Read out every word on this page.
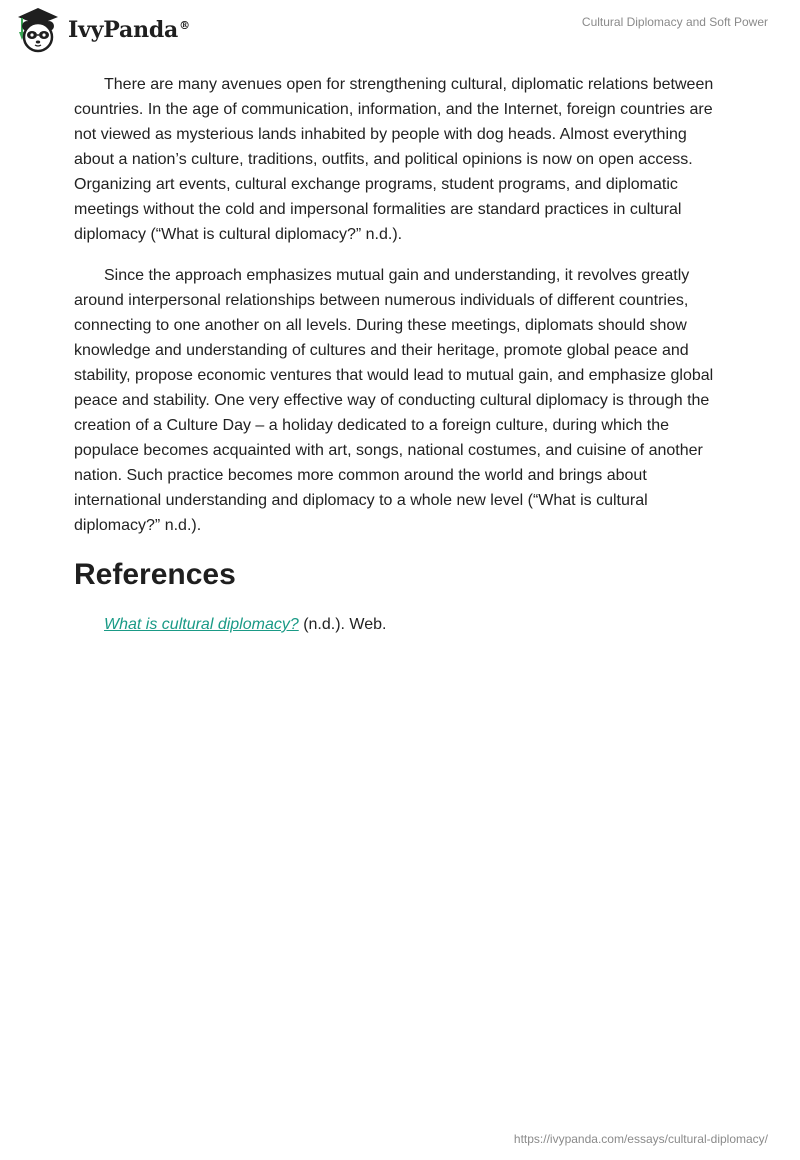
IvyPanda®	Cultural Diplomacy and Soft Power

There are many avenues open for strengthening cultural, diplomatic relations between countries. In the age of communication, information, and the Internet, foreign countries are not viewed as mysterious lands inhabited by people with dog heads. Almost everything about a nation’s culture, traditions, outfits, and political opinions is now on open access. Organizing art events, cultural exchange programs, student programs, and diplomatic meetings without the cold and impersonal formalities are standard practices in cultural diplomacy (“What is cultural diplomacy?” n.d.).

Since the approach emphasizes mutual gain and understanding, it revolves greatly around interpersonal relationships between numerous individuals of different countries, connecting to one another on all levels. During these meetings, diplomats should show knowledge and understanding of cultures and their heritage, promote global peace and stability, propose economic ventures that would lead to mutual gain, and emphasize global peace and stability. One very effective way of conducting cultural diplomacy is through the creation of a Culture Day – a holiday dedicated to a foreign culture, during which the populace becomes acquainted with art, songs, national costumes, and cuisine of another nation. Such practice becomes more common around the world and brings about international understanding and diplomacy to a whole new level (“What is cultural diplomacy?” n.d.).

References

What is cultural diplomacy? (n.d.). Web.

https://ivypanda.com/essays/cultural-diplomacy/
